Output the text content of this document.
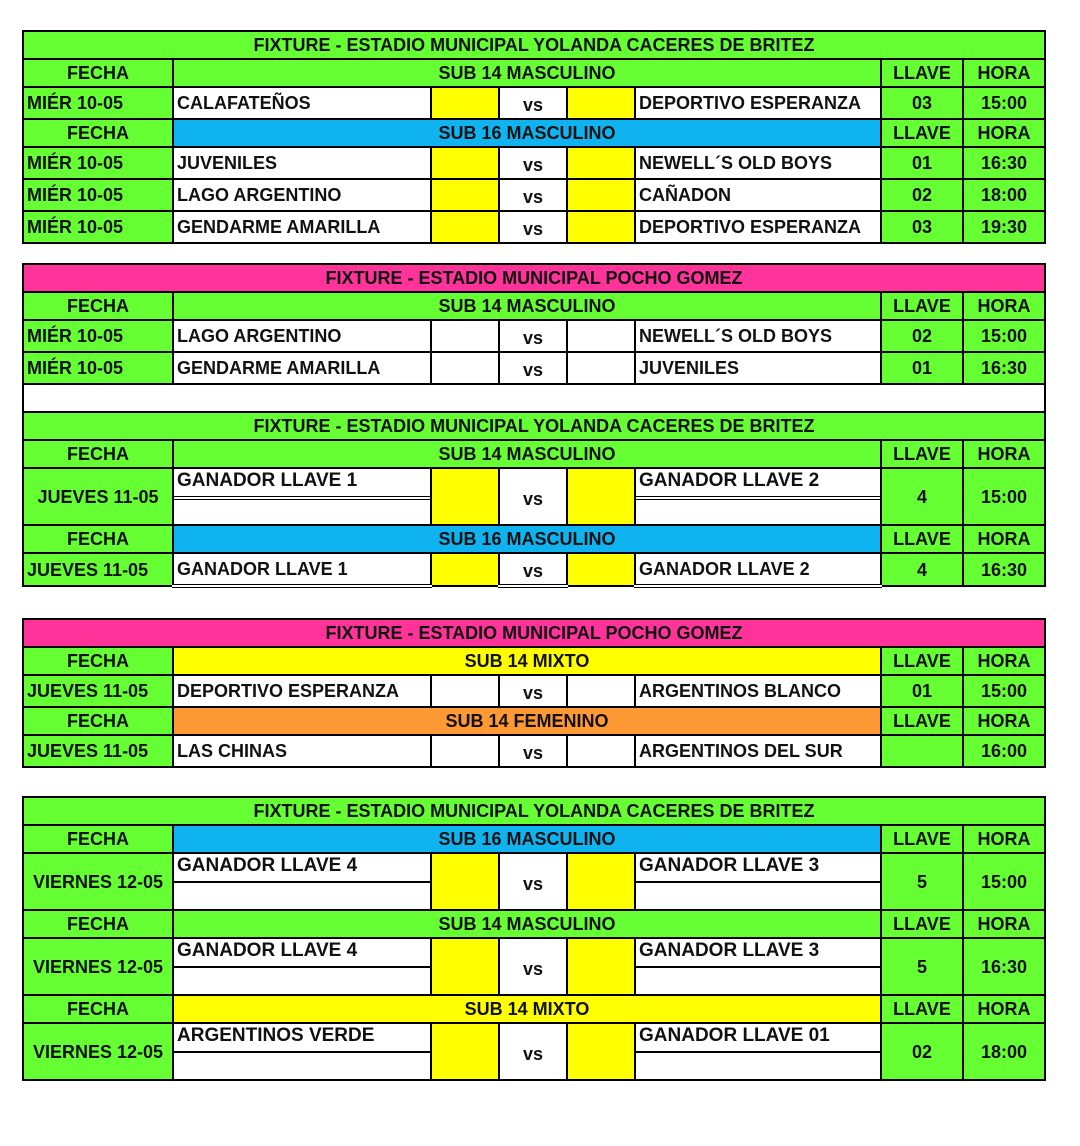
FIXTURE - ESTADIO MUNICIPAL YOLANDA CACERES DE BRITEZ							
FECHA	SUB 14 MASCULINO					LLAVE	HORA
MIÉR 10-05	CALAFATEÑOS		vs		DEPORTIVO ESPERANZA	03	15:00
FECHA	SUB 16 MASCULINO					LLAVE	HORA
MIÉR 10-05	JUVENILES		vs		NEWELL´S OLD BOYS	01	16:30
MIÉR 10-05	LAGO ARGENTINO		vs		CAÑADON	02	18:00
MIÉR 10-05	GENDARME AMARILLA		vs		DEPORTIVO ESPERANZA	03	19:30
FIXTURE - ESTADIO MUNICIPAL POCHO GOMEZ							
FECHA	SUB 14 MASCULINO					LLAVE	HORA
MIÉR 10-05	LAGO ARGENTINO		vs		NEWELL´S OLD BOYS	02	15:00
MIÉR 10-05	GENDARME AMARILLA		vs		JUVENILES	01	16:30

FIXTURE - ESTADIO MUNICIPAL YOLANDA CACERES DE BRITEZ							
FECHA	SUB 14 MASCULINO					LLAVE	HORA
JUEVES 11-05	GANADOR LLAVE 1		vs		GANADOR LLAVE 2	4	15:00
FECHA	SUB 16 MASCULINO					LLAVE	HORA
JUEVES 11-05	GANADOR LLAVE 1		vs		GANADOR LLAVE 2	4	16:30
FIXTURE - ESTADIO MUNICIPAL POCHO GOMEZ							
FECHA	SUB 14 MIXTO					LLAVE	HORA
JUEVES 11-05	DEPORTIVO ESPERANZA		vs		ARGENTINOS BLANCO	01	15:00
FECHA	SUB 14 FEMENINO					LLAVE	HORA
JUEVES 11-05	LAS CHINAS		vs		ARGENTINOS DEL SUR		16:00
FIXTURE - ESTADIO MUNICIPAL YOLANDA CACERES DE BRITEZ							
FECHA	SUB 16 MASCULINO					LLAVE	HORA
VIERNES 12-05	GANADOR LLAVE 4		vs		GANADOR LLAVE 3	5	15:00
FECHA	SUB 14 MASCULINO					LLAVE	HORA
VIERNES 12-05	GANADOR LLAVE 4		vs		GANADOR LLAVE 3	5	16:30
FECHA	SUB 14 MIXTO					LLAVE	HORA
VIERNES 12-05	ARGENTINOS VERDE		vs		GANADOR LLAVE 01	02	18:00
